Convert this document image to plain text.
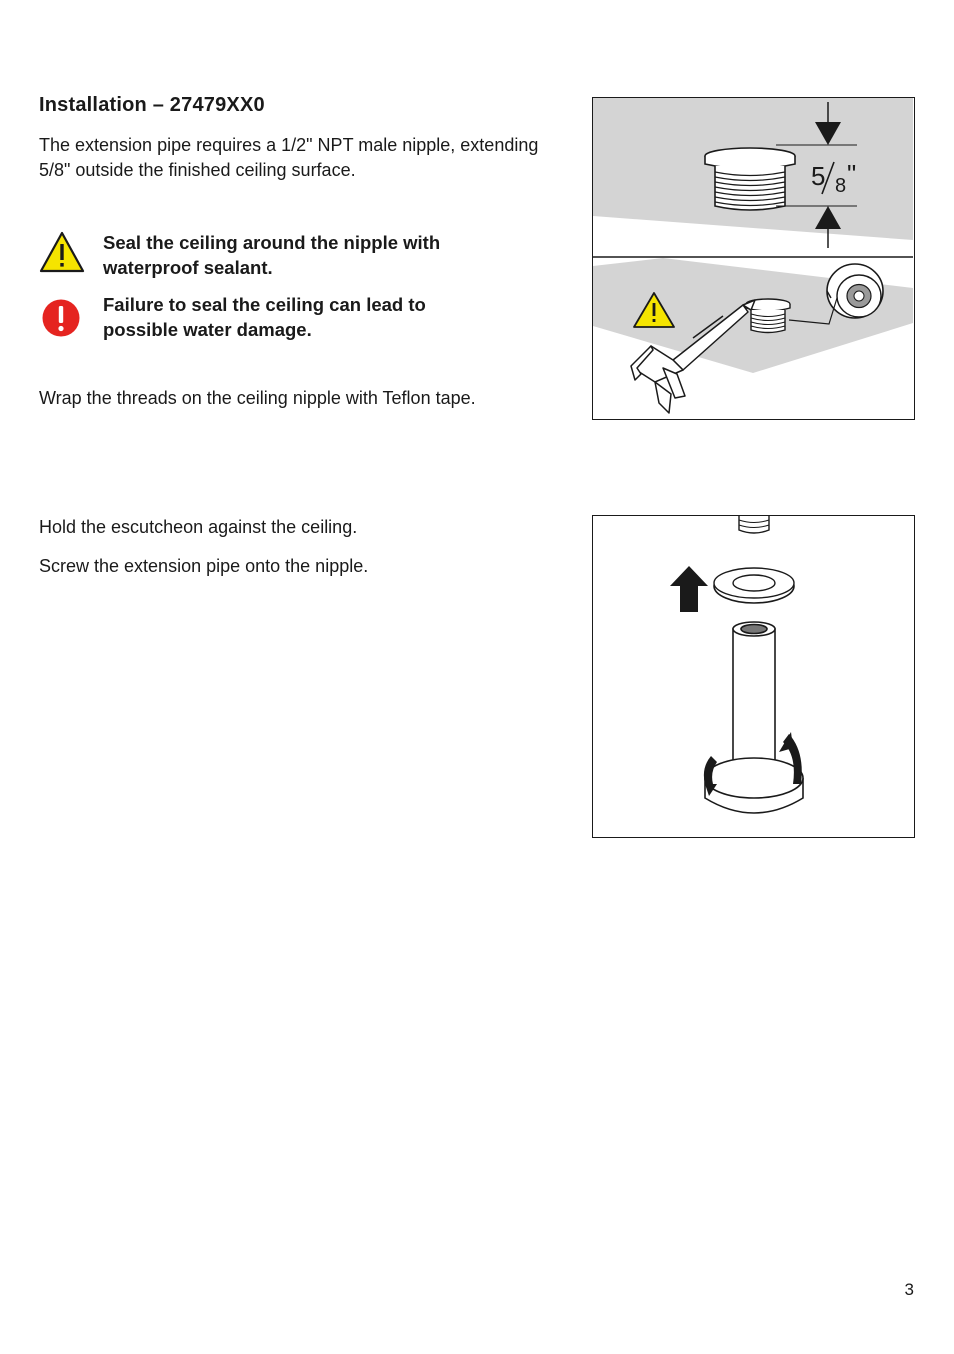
Installation – 27479XX0

The extension pipe requires a 1/2" NPT male nipple, extending 5/8" outside the finished ceiling surface.

Seal the ceiling around the nipple with waterproof sealant.

Failure to seal the ceiling can lead to possible water damage.

Wrap the threads on the ceiling nipple with Teflon tape.

Hold the escutcheon against the ceiling.

Screw the extension pipe onto the nipple.

5 8 "

3
